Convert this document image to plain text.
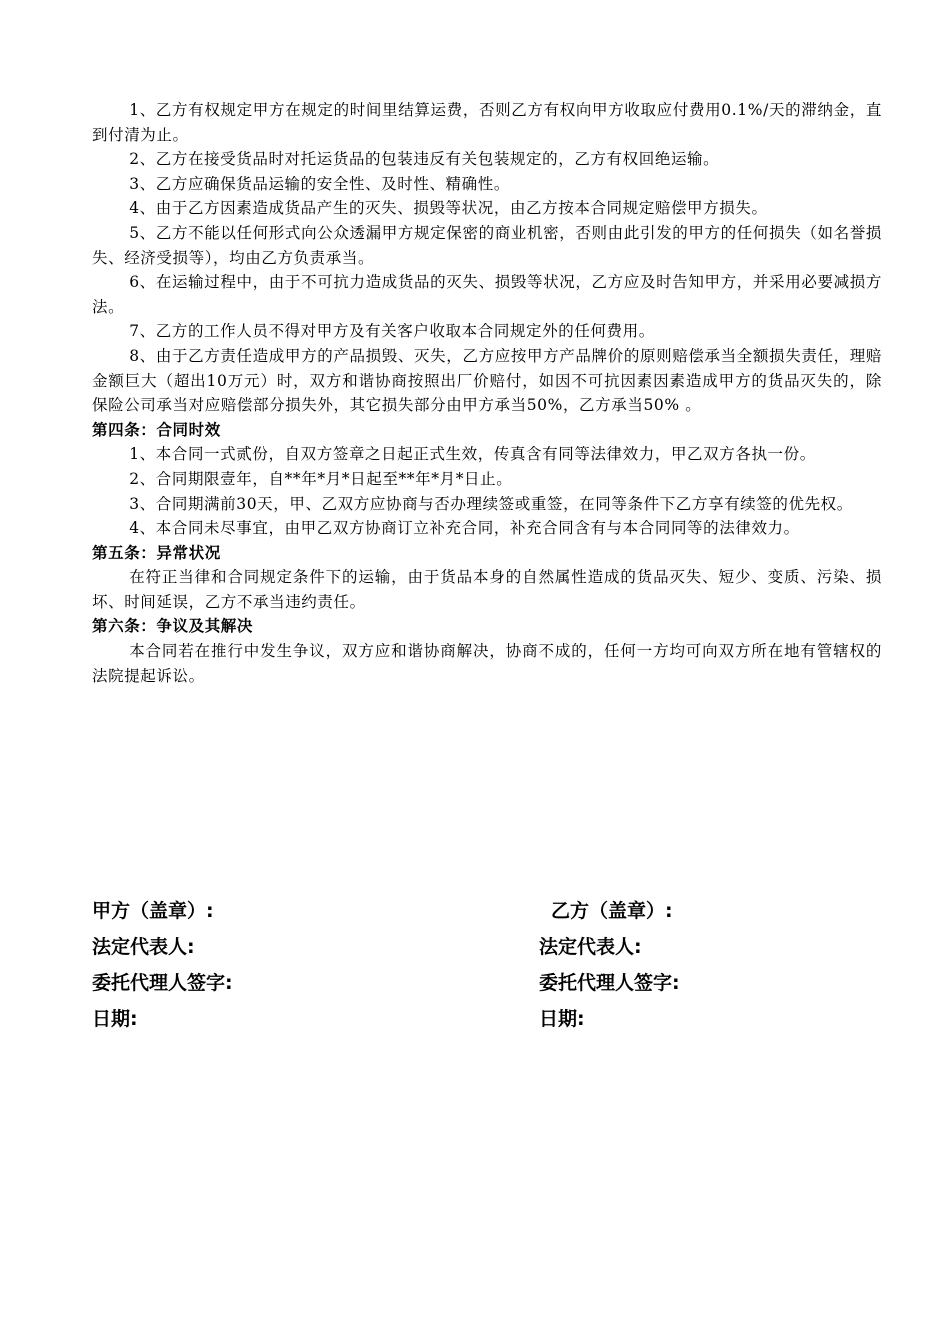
1、乙方有权规定甲方在规定的时间里结算运费，否则乙方有权向甲方收取应付费用0.1%/天的滞纳金，直到付清为止。

2、乙方在接受货品时对托运货品的包装违反有关包装规定的，乙方有权回绝运输。

3、乙方应确保货品运输的安全性、及时性、精确性。

4、由于乙方因素造成货品产生的灭失、损毁等状况，由乙方按本合同规定赔偿甲方损失。

5、乙方不能以任何形式向公众透漏甲方规定保密的商业机密，否则由此引发的甲方的任何损失（如名誉损失、经济受损等），均由乙方负责承当。

6、在运输过程中，由于不可抗力造成货品的灭失、损毁等状况，乙方应及时告知甲方，并采用必要减损方法。

7、乙方的工作人员不得对甲方及有关客户收取本合同规定外的任何费用。

8、由于乙方责任造成甲方的产品损毁、灭失，乙方应按甲方产品牌价的原则赔偿承当全额损失责任，理赔金额巨大（超出10万元）时，双方和谐协商按照出厂价赔付，如因不可抗因素因素造成甲方的货品灭失的，除保险公司承当对应赔偿部分损失外，其它损失部分由甲方承当50%，乙方承当50% 。

第四条：合同时效

1、本合同一式贰份，自双方签章之日起正式生效，传真含有同等法律效力，甲乙双方各执一份。

2、合同期限壹年，自**年*月*日起至**年*月*日止。

3、合同期满前30天，甲、乙双方应协商与否办理续签或重签，在同等条件下乙方享有续签的优先权。

4、本合同未尽事宜，由甲乙双方协商订立补充合同，补充合同含有与本合同同等的法律效力。

第五条：异常状况

在符正当律和合同规定条件下的运输，由于货品本身的自然属性造成的货品灭失、短少、变质、污染、损坏、时间延误，乙方不承当违约责任。

第六条：争议及其解决

本合同若在推行中发生争议，双方应和谐协商解决，协商不成的，任何一方均可向双方所在地有管辖权的法院提起诉讼。

甲方（盖章）:	乙方（盖章）:
法定代表人:	法定代表人:
委托代理人签字:	委托代理人签字:
日期:	日期:
